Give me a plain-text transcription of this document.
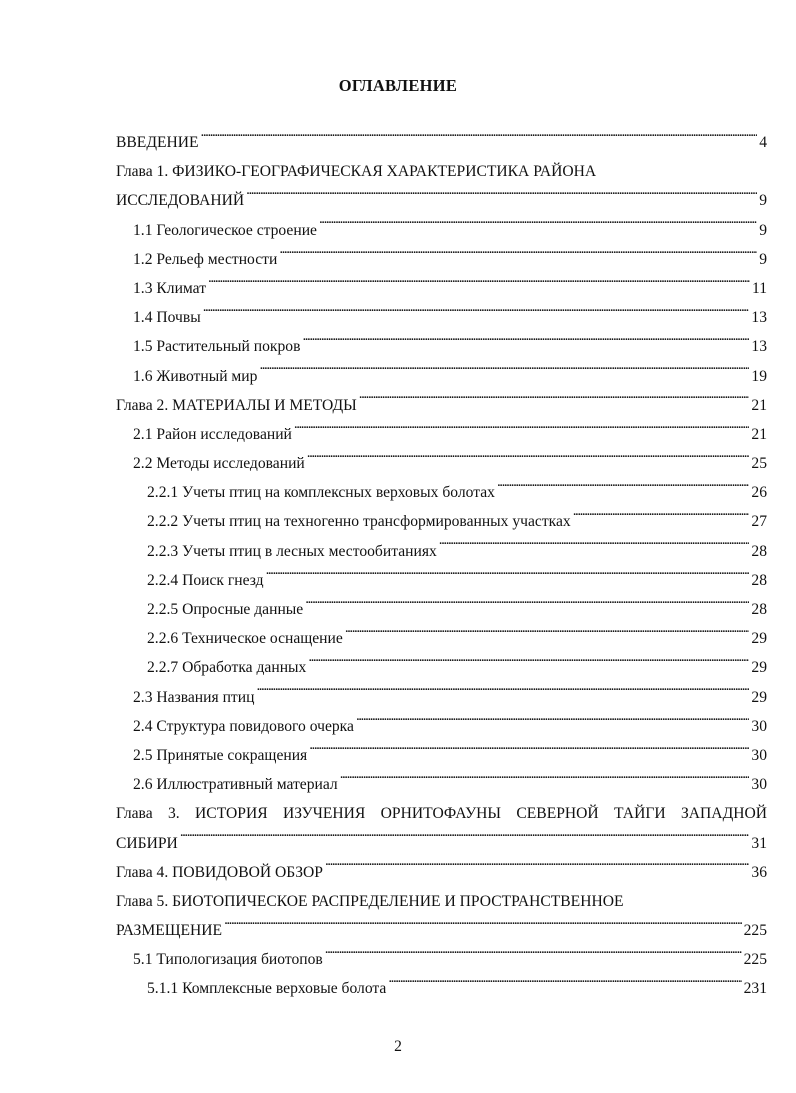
ОГЛАВЛЕНИЕ
ВВЕДЕНИЕ . . .	4
Глава 1. ФИЗИКО-ГЕОГРАФИЧЕСКАЯ ХАРАКТЕРИСТИКА РАЙОНА
ИССЛЕДОВАНИЙ . . .	9
1.1 Геологическое строение . . .	9
1.2 Рельеф местности . . .	9
1.3 Климат . . .	11
1.4 Почвы . . .	13
1.5 Растительный покров . . .	13
1.6 Животный мир . . .	19
Глава 2. МАТЕРИАЛЫ И МЕТОДЫ . . .	21
2.1 Район исследований . . .	21
2.2 Методы исследований . . .	25
2.2.1 Учеты птиц на комплексных верховых болотах . . .	26
2.2.2 Учеты птиц на техногенно трансформированных участках . . .	27
2.2.3 Учеты птиц в лесных местообитаниях . . .	28
2.2.4 Поиск гнезд . . .	28
2.2.5 Опросные данные . . .	28
2.2.6 Техническое оснащение . . .	29
2.2.7 Обработка данных . . .	29
2.3 Названия птиц . . .	29
2.4 Структура повидового очерка . . .	30
2.5 Принятые сокращения . . .	30
2.6 Иллюстративный материал . . .	30
Глава 3. ИСТОРИЯ ИЗУЧЕНИЯ ОРНИТОФАУНЫ СЕВЕРНОЙ ТАЙГИ ЗАПАДНОЙ
СИБИРИ . . .	31
Глава 4. ПОВИДОВОЙ ОБЗОР . . .	36
Глава 5. БИОТОПИЧЕСКОЕ РАСПРЕДЕЛЕНИЕ И ПРОСТРАНСТВЕННОЕ
РАЗМЕЩЕНИЕ . . .	225
5.1 Типологизация биотопов . . .	225
5.1.1 Комплексные верховые болота . . .	231
2
